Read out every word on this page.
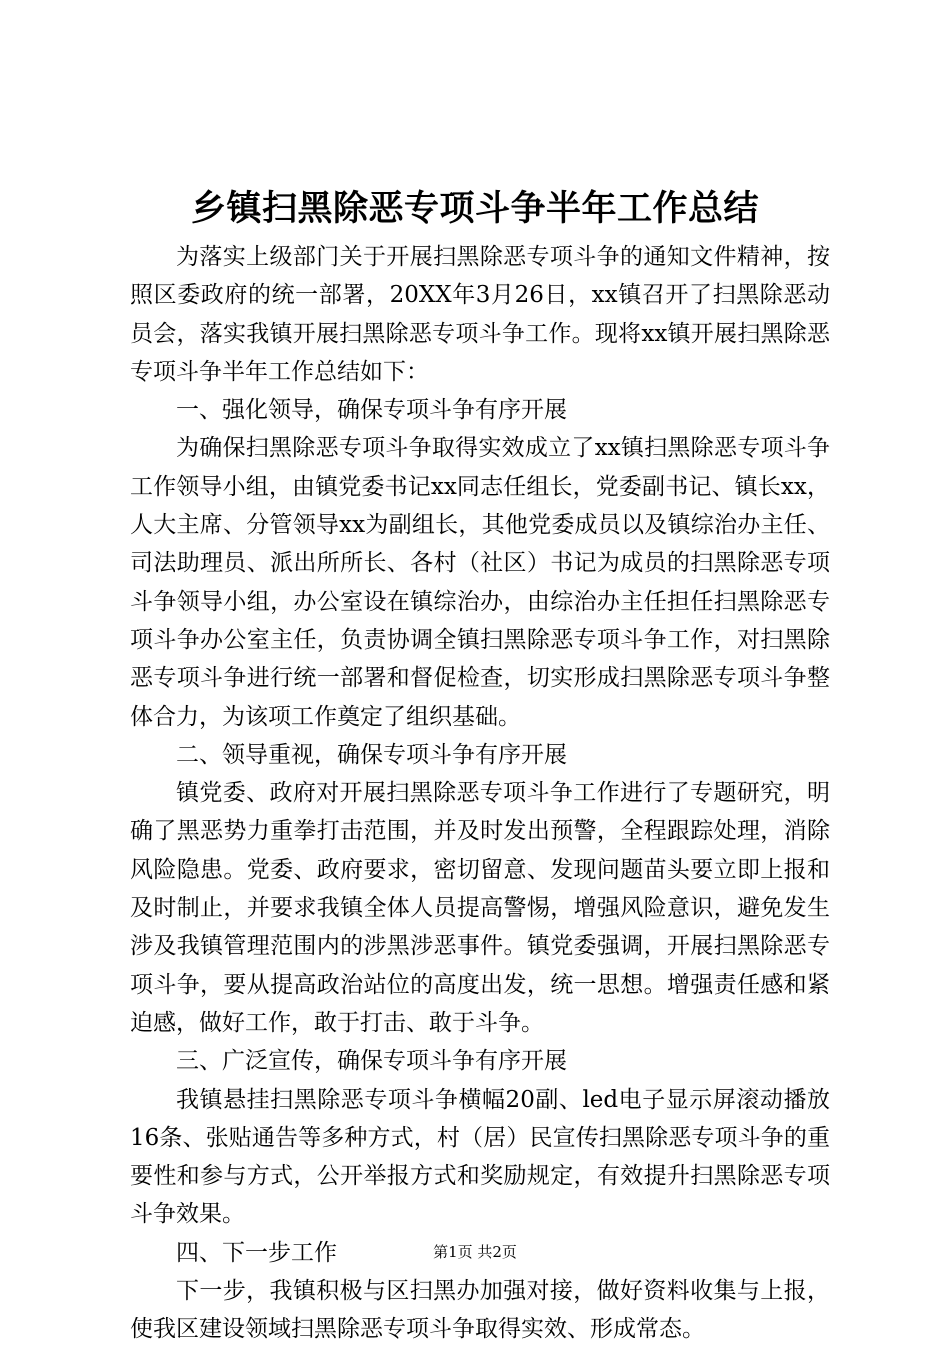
乡镇扫黑除恶专项斗争半年工作总结

为落实上级部门关于开展扫黑除恶专项斗争的通知文件精神，按照区委政府的统一部署，20XX年3月26日，xx镇召开了扫黑除恶动员会，落实我镇开展扫黑除恶专项斗争工作。现将xx镇开展扫黑除恶专项斗争半年工作总结如下：

一、强化领导，确保专项斗争有序开展

为确保扫黑除恶专项斗争取得实效成立了xx镇扫黑除恶专项斗争工作领导小组，由镇党委书记xx同志任组长，党委副书记、镇长xx，人大主席、分管领导xx为副组长，其他党委成员以及镇综治办主任、司法助理员、派出所所长、各村（社区）书记为成员的扫黑除恶专项斗争领导小组，办公室设在镇综治办，由综治办主任担任扫黑除恶专项斗争办公室主任，负责协调全镇扫黑除恶专项斗争工作，对扫黑除恶专项斗争进行统一部署和督促检查，切实形成扫黑除恶专项斗争整体合力，为该项工作奠定了组织基础。

二、领导重视，确保专项斗争有序开展

镇党委、政府对开展扫黑除恶专项斗争工作进行了专题研究，明确了黑恶势力重拳打击范围，并及时发出预警，全程跟踪处理，消除风险隐患。党委、政府要求，密切留意、发现问题苗头要立即上报和及时制止，并要求我镇全体人员提高警惕，增强风险意识，避免发生涉及我镇管理范围内的涉黑涉恶事件。镇党委强调，开展扫黑除恶专项斗争，要从提高政治站位的高度出发，统一思想。增强责任感和紧迫感，做好工作，敢于打击、敢于斗争。

三、广泛宣传，确保专项斗争有序开展

我镇悬挂扫黑除恶专项斗争横幅20副、led电子显示屏滚动播放16条、张贴通告等多种方式，村（居）民宣传扫黑除恶专项斗争的重要性和参与方式，公开举报方式和奖励规定，有效提升扫黑除恶专项斗争效果。

四、下一步工作

下一步，我镇积极与区扫黑办加强对接，做好资料收集与上报，使我区建设领域扫黑除恶专项斗争取得实效、形成常态。

第1页 共2页
